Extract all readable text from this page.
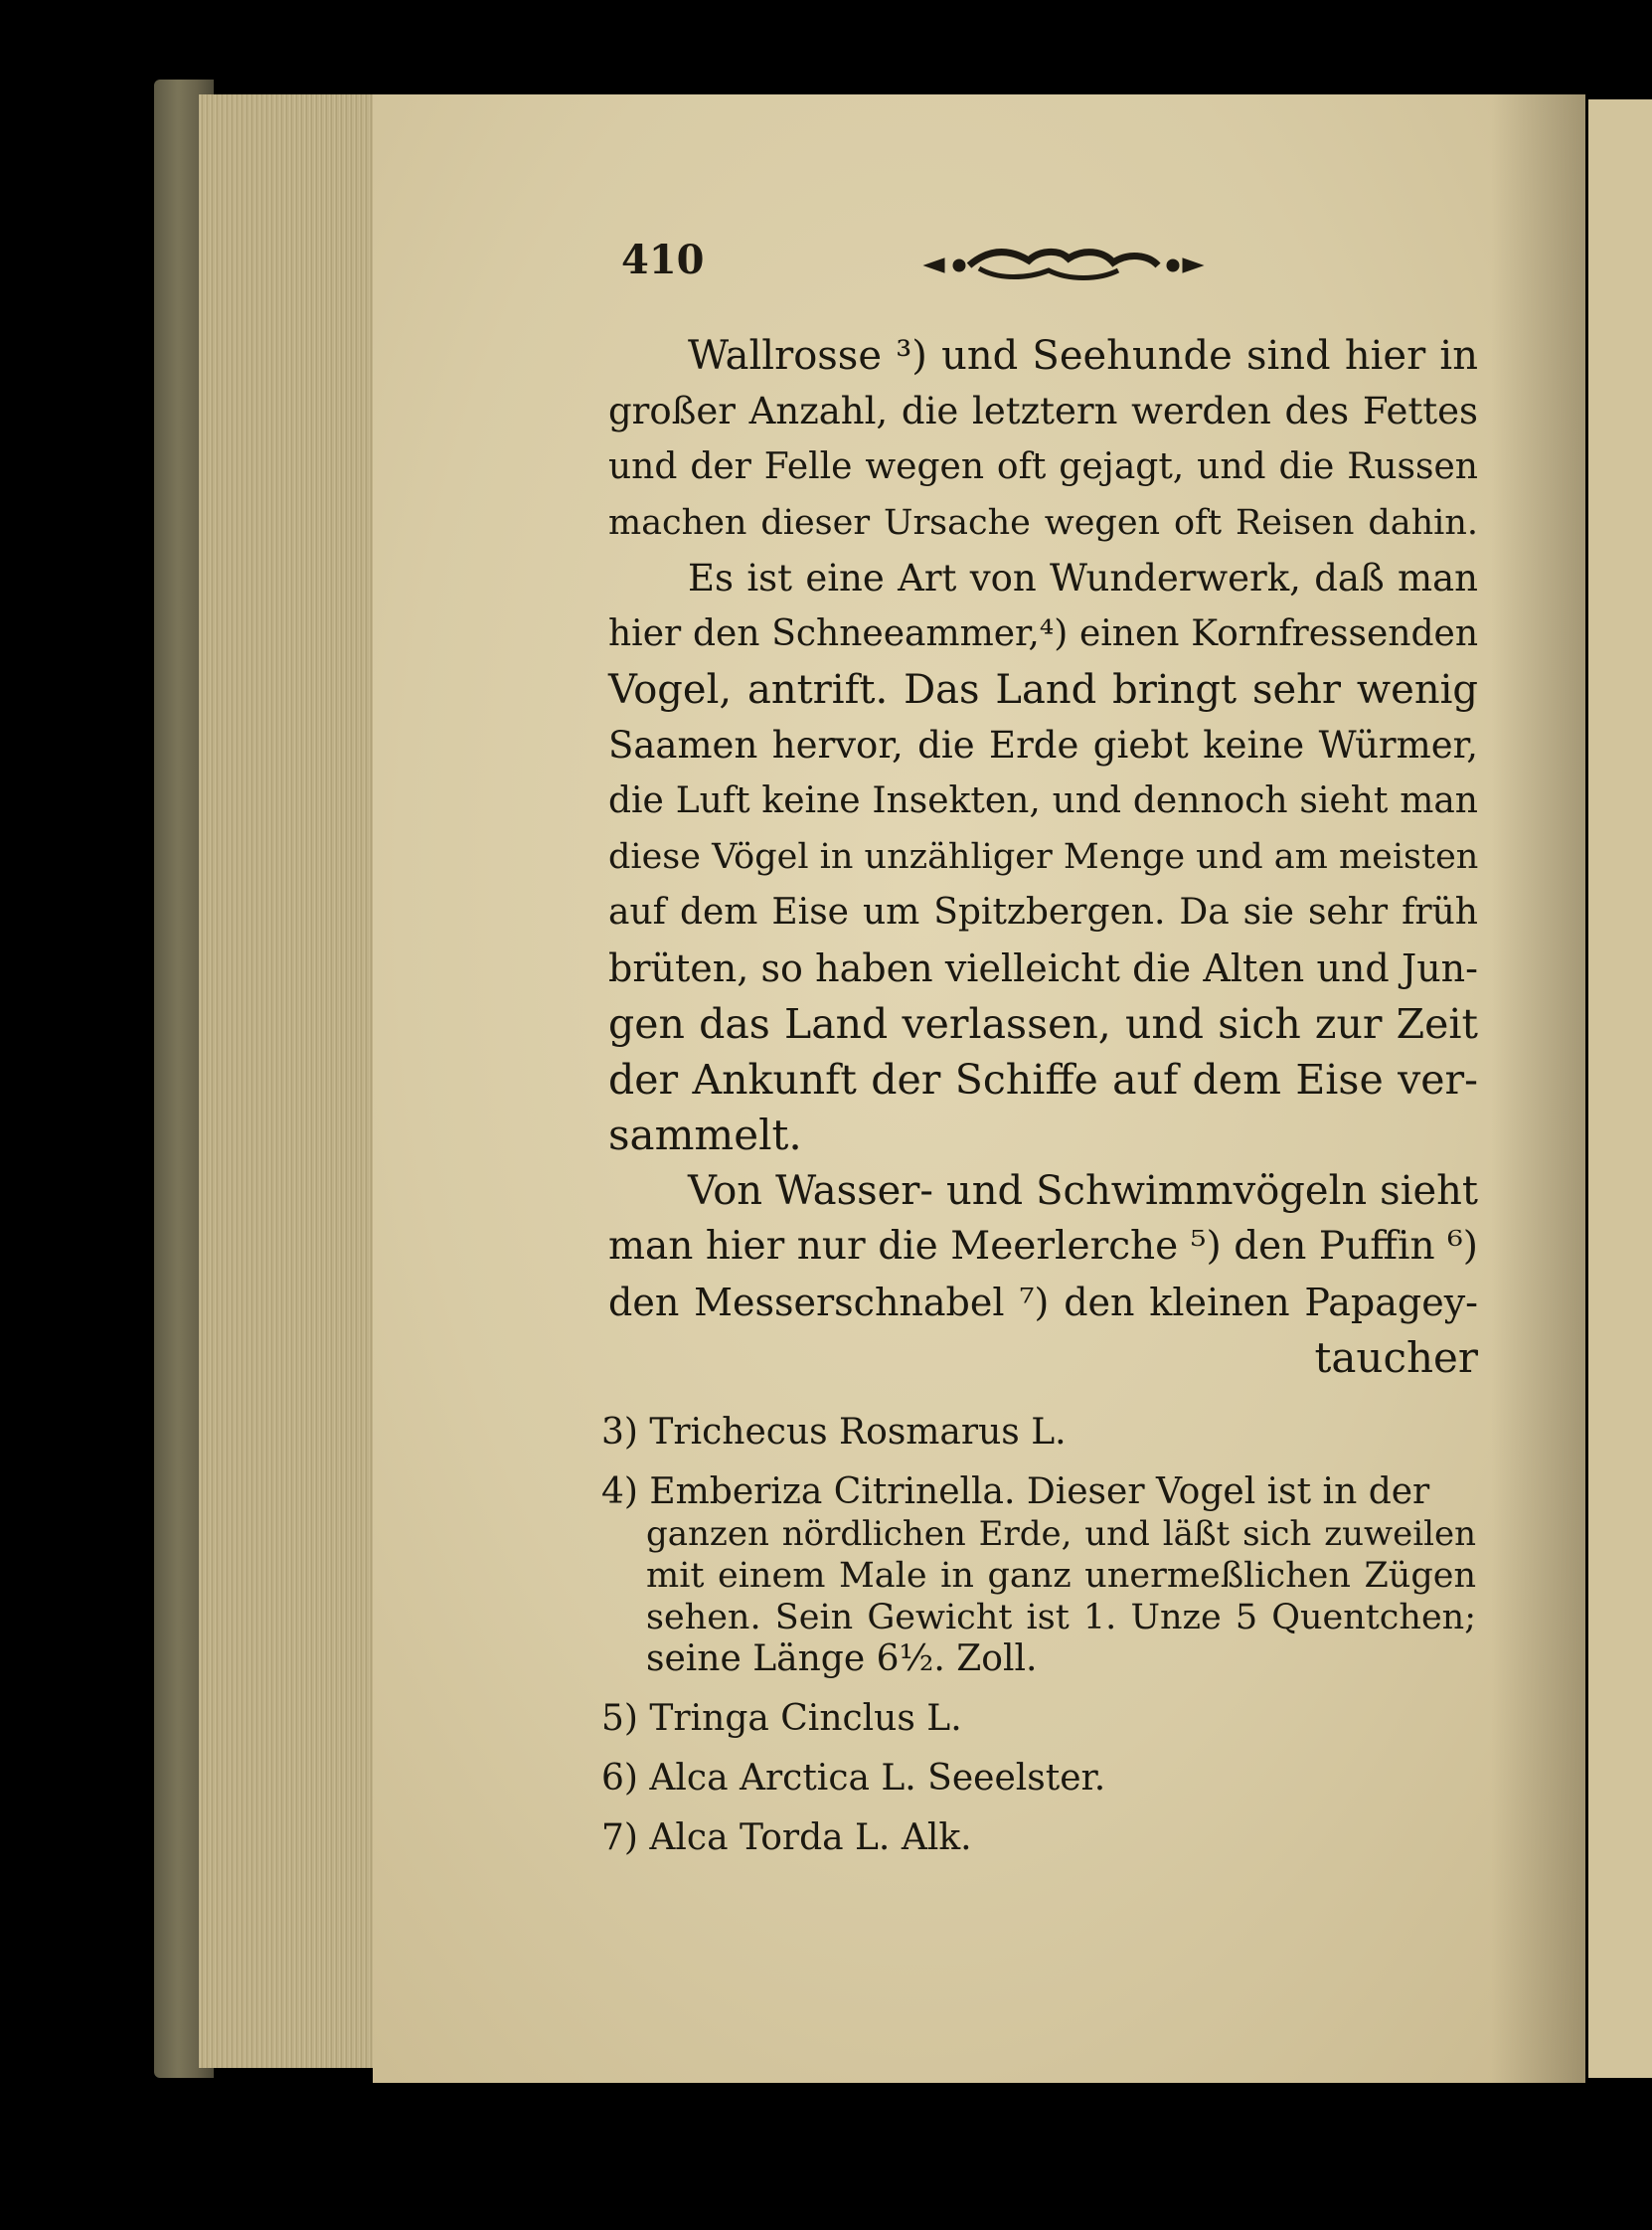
410
Wallrosse ³) und Seehunde sind hier in
großer Anzahl, die letztern werden des Fettes
und der Felle wegen oft gejagt, und die Russen
machen dieser Ursache wegen oft Reisen dahin.
Es ist eine Art von Wunderwerk, daß man
hier den Schneeammer,⁴) einen Kornfressenden
Vogel, antrift. Das Land bringt sehr wenig
Saamen hervor, die Erde giebt keine Würmer,
die Luft keine Insekten, und dennoch sieht man
diese Vögel in unzähliger Menge und am meisten
auf dem Eise um Spitzbergen. Da sie sehr früh
brüten, so haben vielleicht die Alten und Jun-
gen das Land verlassen, und sich zur Zeit
der Ankunft der Schiffe auf dem Eise ver-
sammelt.
Von Wasser- und Schwimmvögeln sieht
man hier nur die Meerlerche ⁵) den Puffin ⁶)
den Messerschnabel ⁷) den kleinen Papagey-
taucher
3) Trichecus Rosmarus L.
4) Emberiza Citrinella. Dieser Vogel ist in der
ganzen nördlichen Erde, und läßt sich zuweilen
mit einem Male in ganz unermeßlichen Zügen
sehen. Sein Gewicht ist 1. Unze 5 Quentchen;
seine Länge 6½. Zoll.
5) Tringa Cinclus L.
6) Alca Arctica L. Seeelster.
7) Alca Torda L. Alk.
